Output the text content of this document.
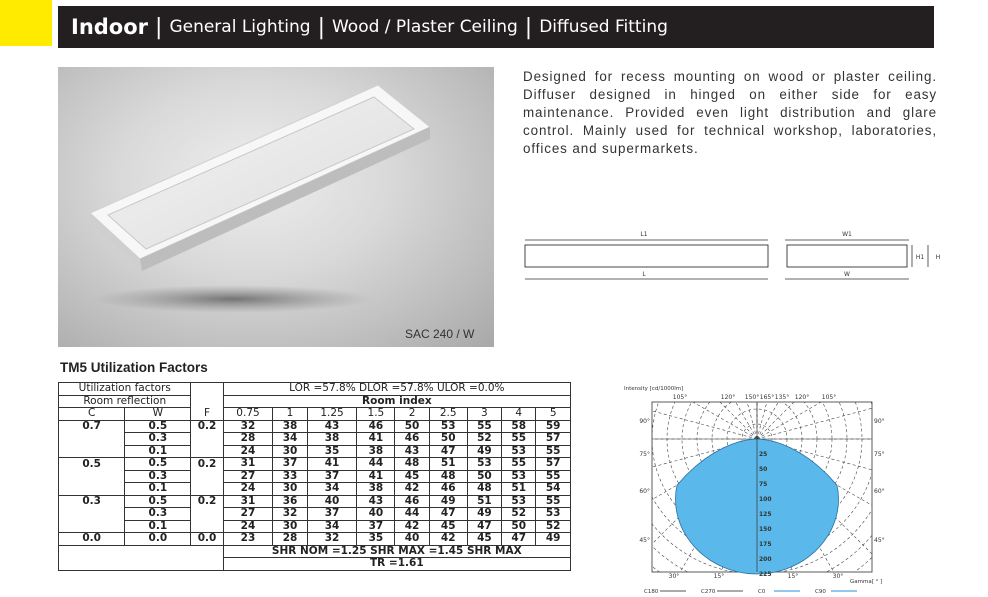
Indoor | General Lighting | Wood / Plaster Ceiling | Diffused Fitting
SAC 240 / W
Designed for recess mounting on wood or plaster ceiling. Diffuser designed in hinged on either side for easy maintenance. Provided even light distribution and glare control. Mainly used for technical workshop, laboratories, offices and supermarkets.
L1
L
W1
W
H1 H
TM5 Utilization Factors
Utilization factors			LOR =57.8% DLOR =57.8% ULOR =0.0%								
Room reflection			Room index								
C	W	F	0.75	1	1.25	1.5	2	2.5	3	4	5
0.7	0.5	0.2	32	38	43	46	50	53	55	58	59
	0.3		28	34	38	41	46	50	52	55	57
	0.1		24	30	35	38	43	47	49	53	55
0.5	0.5	0.2	31	37	41	44	48	51	53	55	57
	0.3		27	33	37	41	45	48	50	53	55
	0.1		24	30	34	38	42	46	48	51	54
0.3	0.5	0.2	31	36	40	43	46	49	51	53	55
	0.3		27	32	37	40	44	47	49	52	53
	0.1		24	30	34	37	42	45	47	50	52
0.0	0.0	0.0	23	28	32	35	40	42	45	47	49
			SHR NOM =1.25 SHR MAX =1.45 SHR MAX								
			TR =1.61								
Intensity [cd/1000lm]
25
50
75
100
125
150
175
200
225
105°	120° 150° 165° 135° 120° 105°
90°
75°
60°
45°
90°
75°
60°
45°
30°	15°	15°	30°
Gamma[ ° ]
C180	C270	C0	C90
